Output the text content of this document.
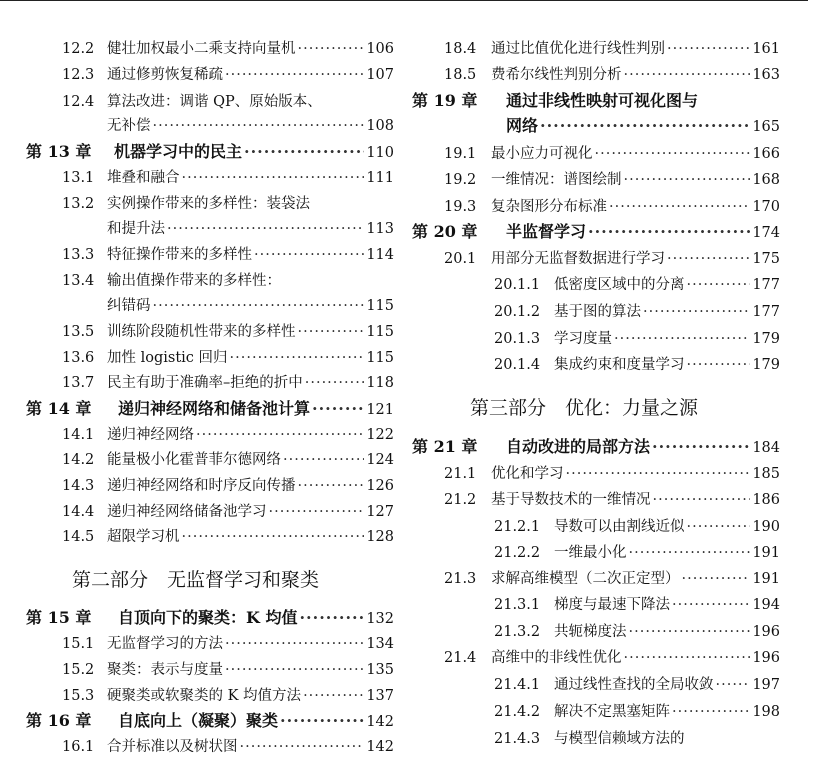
12.2 健壮加权最小二乘支持向量机 ·····	106
12.3 通过修剪恢复稀疏 ·····	107
12.4 算法改进：调谐 QP、原始版本、
无补偿 ·····	108
第 13 章	机器学习中的民主 ·····	110
13.1 堆叠和融合 ·····	111
13.2 实例操作带来的多样性：装袋法
和提升法 ·····	113
13.3 特征操作带来的多样性 ·····	114
13.4 输出值操作带来的多样性：
纠错码 ·····	115
13.5 训练阶段随机性带来的多样性 ·····	115
13.6 加性 logistic 回归 ·····	115
13.7 民主有助于准确率–拒绝的折中 ·····	118
第 14 章	递归神经网络和储备池计算 ·····	121
14.1 递归神经网络 ·····	122
14.2 能量极小化霍普菲尔德网络 ·····	124
14.3 递归神经网络和时序反向传播 ·····	126
14.4 递归神经网络储备池学习 ·····	127
14.5 超限学习机 ·····	128
第二部分　无监督学习和聚类
第 15 章	自顶向下的聚类：K 均值 ·····	132
15.1 无监督学习的方法 ·····	134
15.2 聚类：表示与度量 ·····	135
15.3 硬聚类或软聚类的 K 均值方法 ·····	137
第 16 章	自底向上（凝聚）聚类 ·····	142
16.1 合并标准以及树状图 ·····	142
18.4	通过比值优化进行线性判别 ·····	161
18.5	费希尔线性判别分析 ·····	163
第 19 章	通过非线性映射可视化图与
网络 ·····	165
19.1	最小应力可视化 ·····	166
19.2	一维情况：谱图绘制 ·····	168
19.3	复杂图形分布标准 ·····	170
第 20 章	半监督学习 ·····	174
20.1	用部分无监督数据进行学习 ·····	175
20.1.1 低密度区域中的分离 ·····	177
20.1.2 基于图的算法 ·····	177
20.1.3 学习度量 ·····	179
20.1.4 集成约束和度量学习 ·····	179
第三部分　优化：力量之源
第 21 章	自动改进的局部方法 ·····	184
21.1	优化和学习 ·····	185
21.2	基于导数技术的一维情况 ·····	186
21.2.1 导数可以由割线近似 ·····	190
21.2.2 一维最小化 ·····	191
21.3	求解高维模型（二次正定型） ·····	191
21.3.1 梯度与最速下降法 ·····	194
21.3.2 共轭梯度法 ·····	196
21.4	高维中的非线性优化 ·····	196
21.4.1 通过线性查找的全局收敛 ·····	197
21.4.2 解决不定黑塞矩阵 ·····	198
21.4.3 与模型信赖域方法的
